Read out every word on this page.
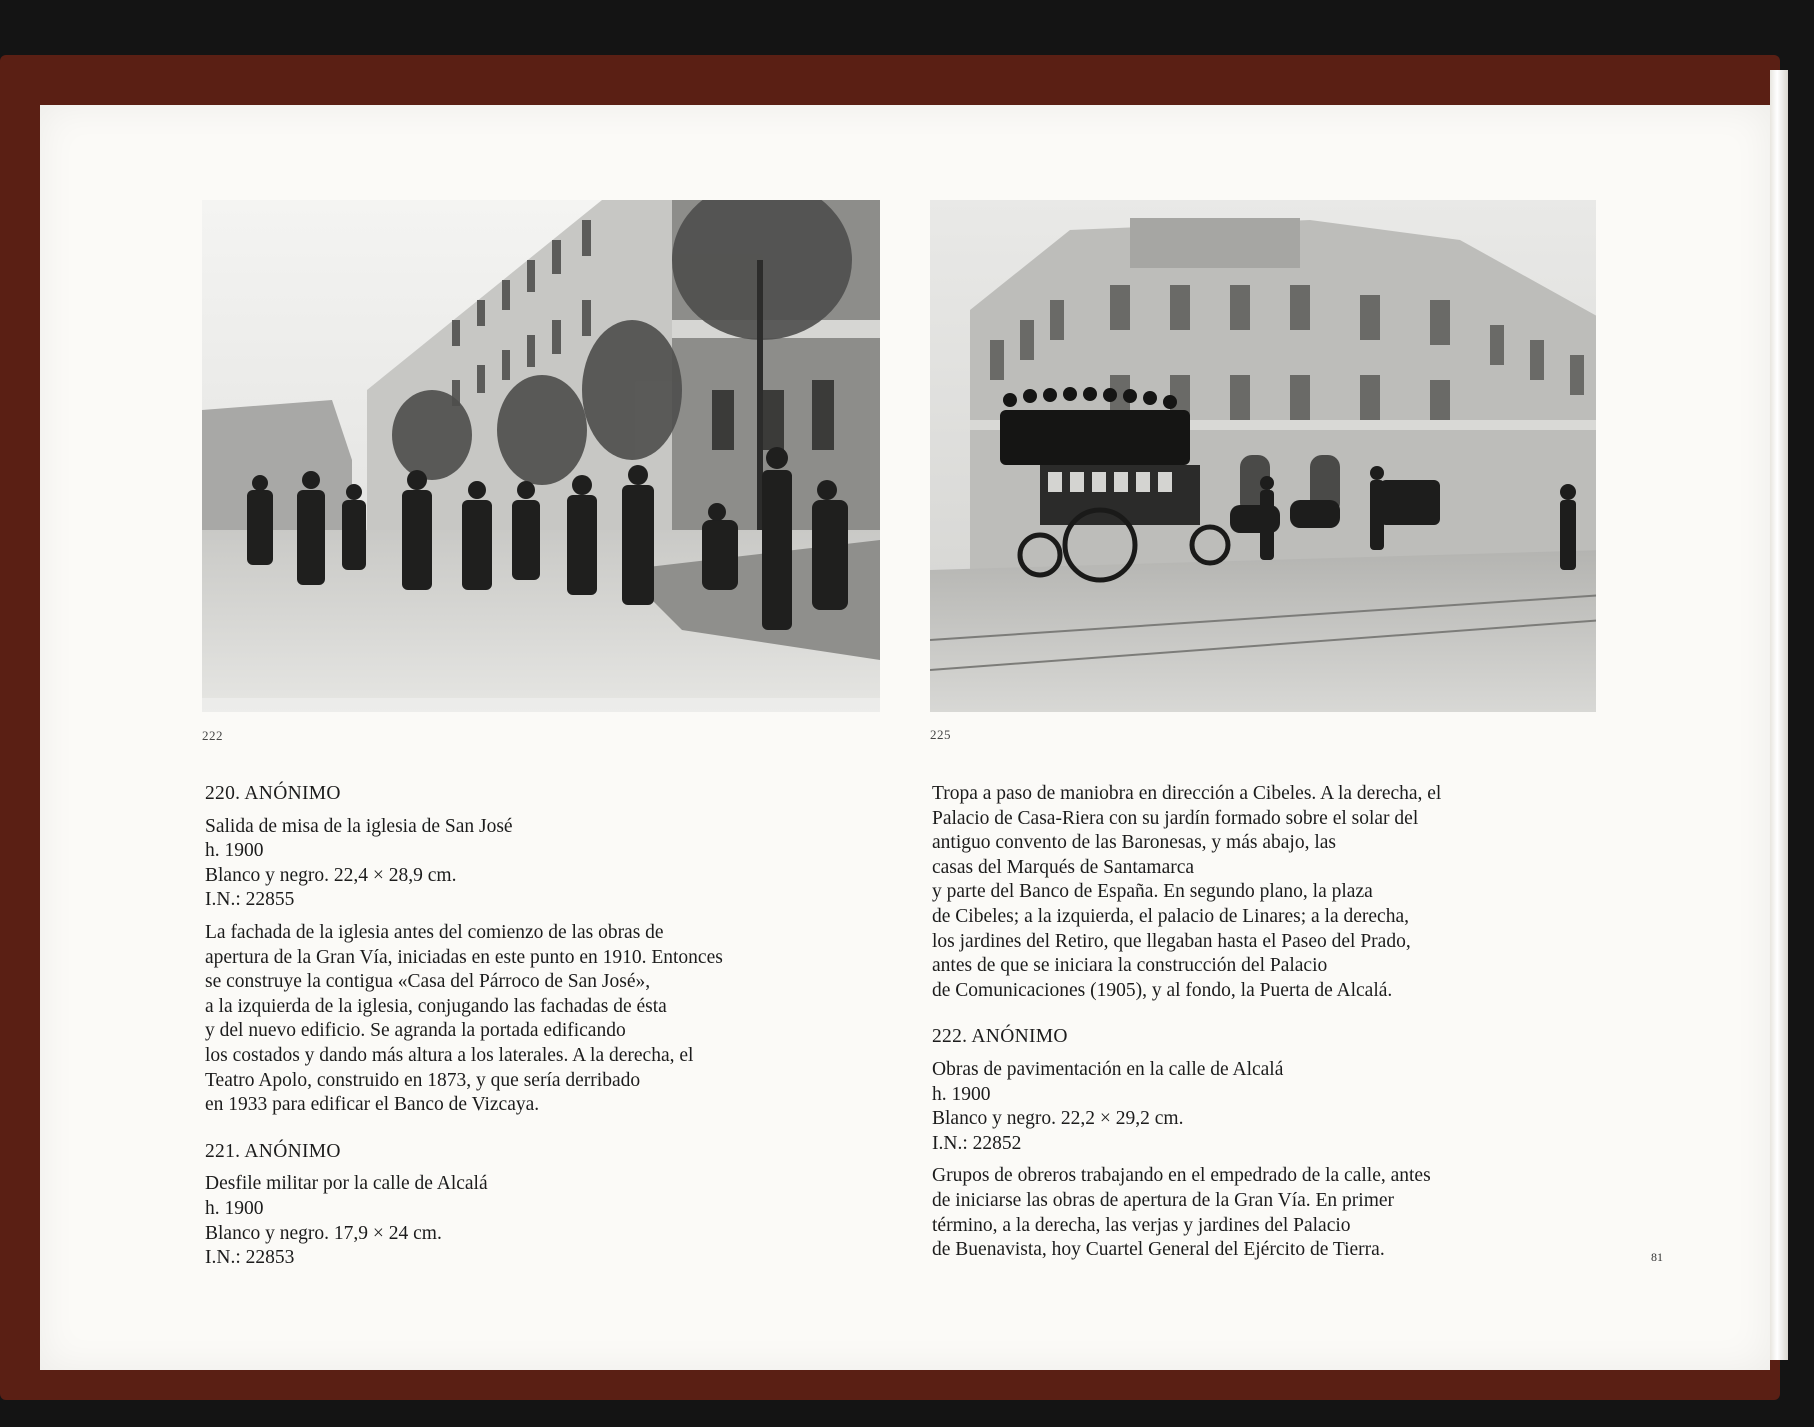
222	225
220. ANÓNIMO
Salida de misa de la iglesia de San José
h. 1900
Blanco y negro. 22,4 × 28,9 cm.
I.N.: 22855
La fachada de la iglesia antes del comienzo de las obras de
apertura de la Gran Vía, iniciadas en este punto en 1910. Entonces
se construye la contigua «Casa del Párroco de San José»,
a la izquierda de la iglesia, conjugando las fachadas de ésta
y del nuevo edificio. Se agranda la portada edificando
los costados y dando más altura a los laterales. A la derecha, el
Teatro Apolo, construido en 1873, y que sería derribado
en 1933 para edificar el Banco de Vizcaya.
221. ANÓNIMO
Desfile militar por la calle de Alcalá
h. 1900
Blanco y negro. 17,9 × 24 cm.
I.N.: 22853
Tropa a paso de maniobra en dirección a Cibeles. A la derecha, el
Palacio de Casa-Riera con su jardín formado sobre el solar del
antiguo convento de las Baronesas, y más abajo, las
casas del Marqués de Santamarca
y parte del Banco de España. En segundo plano, la plaza
de Cibeles; a la izquierda, el palacio de Linares; a la derecha,
los jardines del Retiro, que llegaban hasta el Paseo del Prado,
antes de que se iniciara la construcción del Palacio
de Comunicaciones (1905), y al fondo, la Puerta de Alcalá.
222. ANÓNIMO
Obras de pavimentación en la calle de Alcalá
h. 1900
Blanco y negro. 22,2 × 29,2 cm.
I.N.: 22852
Grupos de obreros trabajando en el empedrado de la calle, antes
de iniciarse las obras de apertura de la Gran Vía. En primer
término, a la derecha, las verjas y jardines del Palacio
de Buenavista, hoy Cuartel General del Ejército de Tierra.	81
